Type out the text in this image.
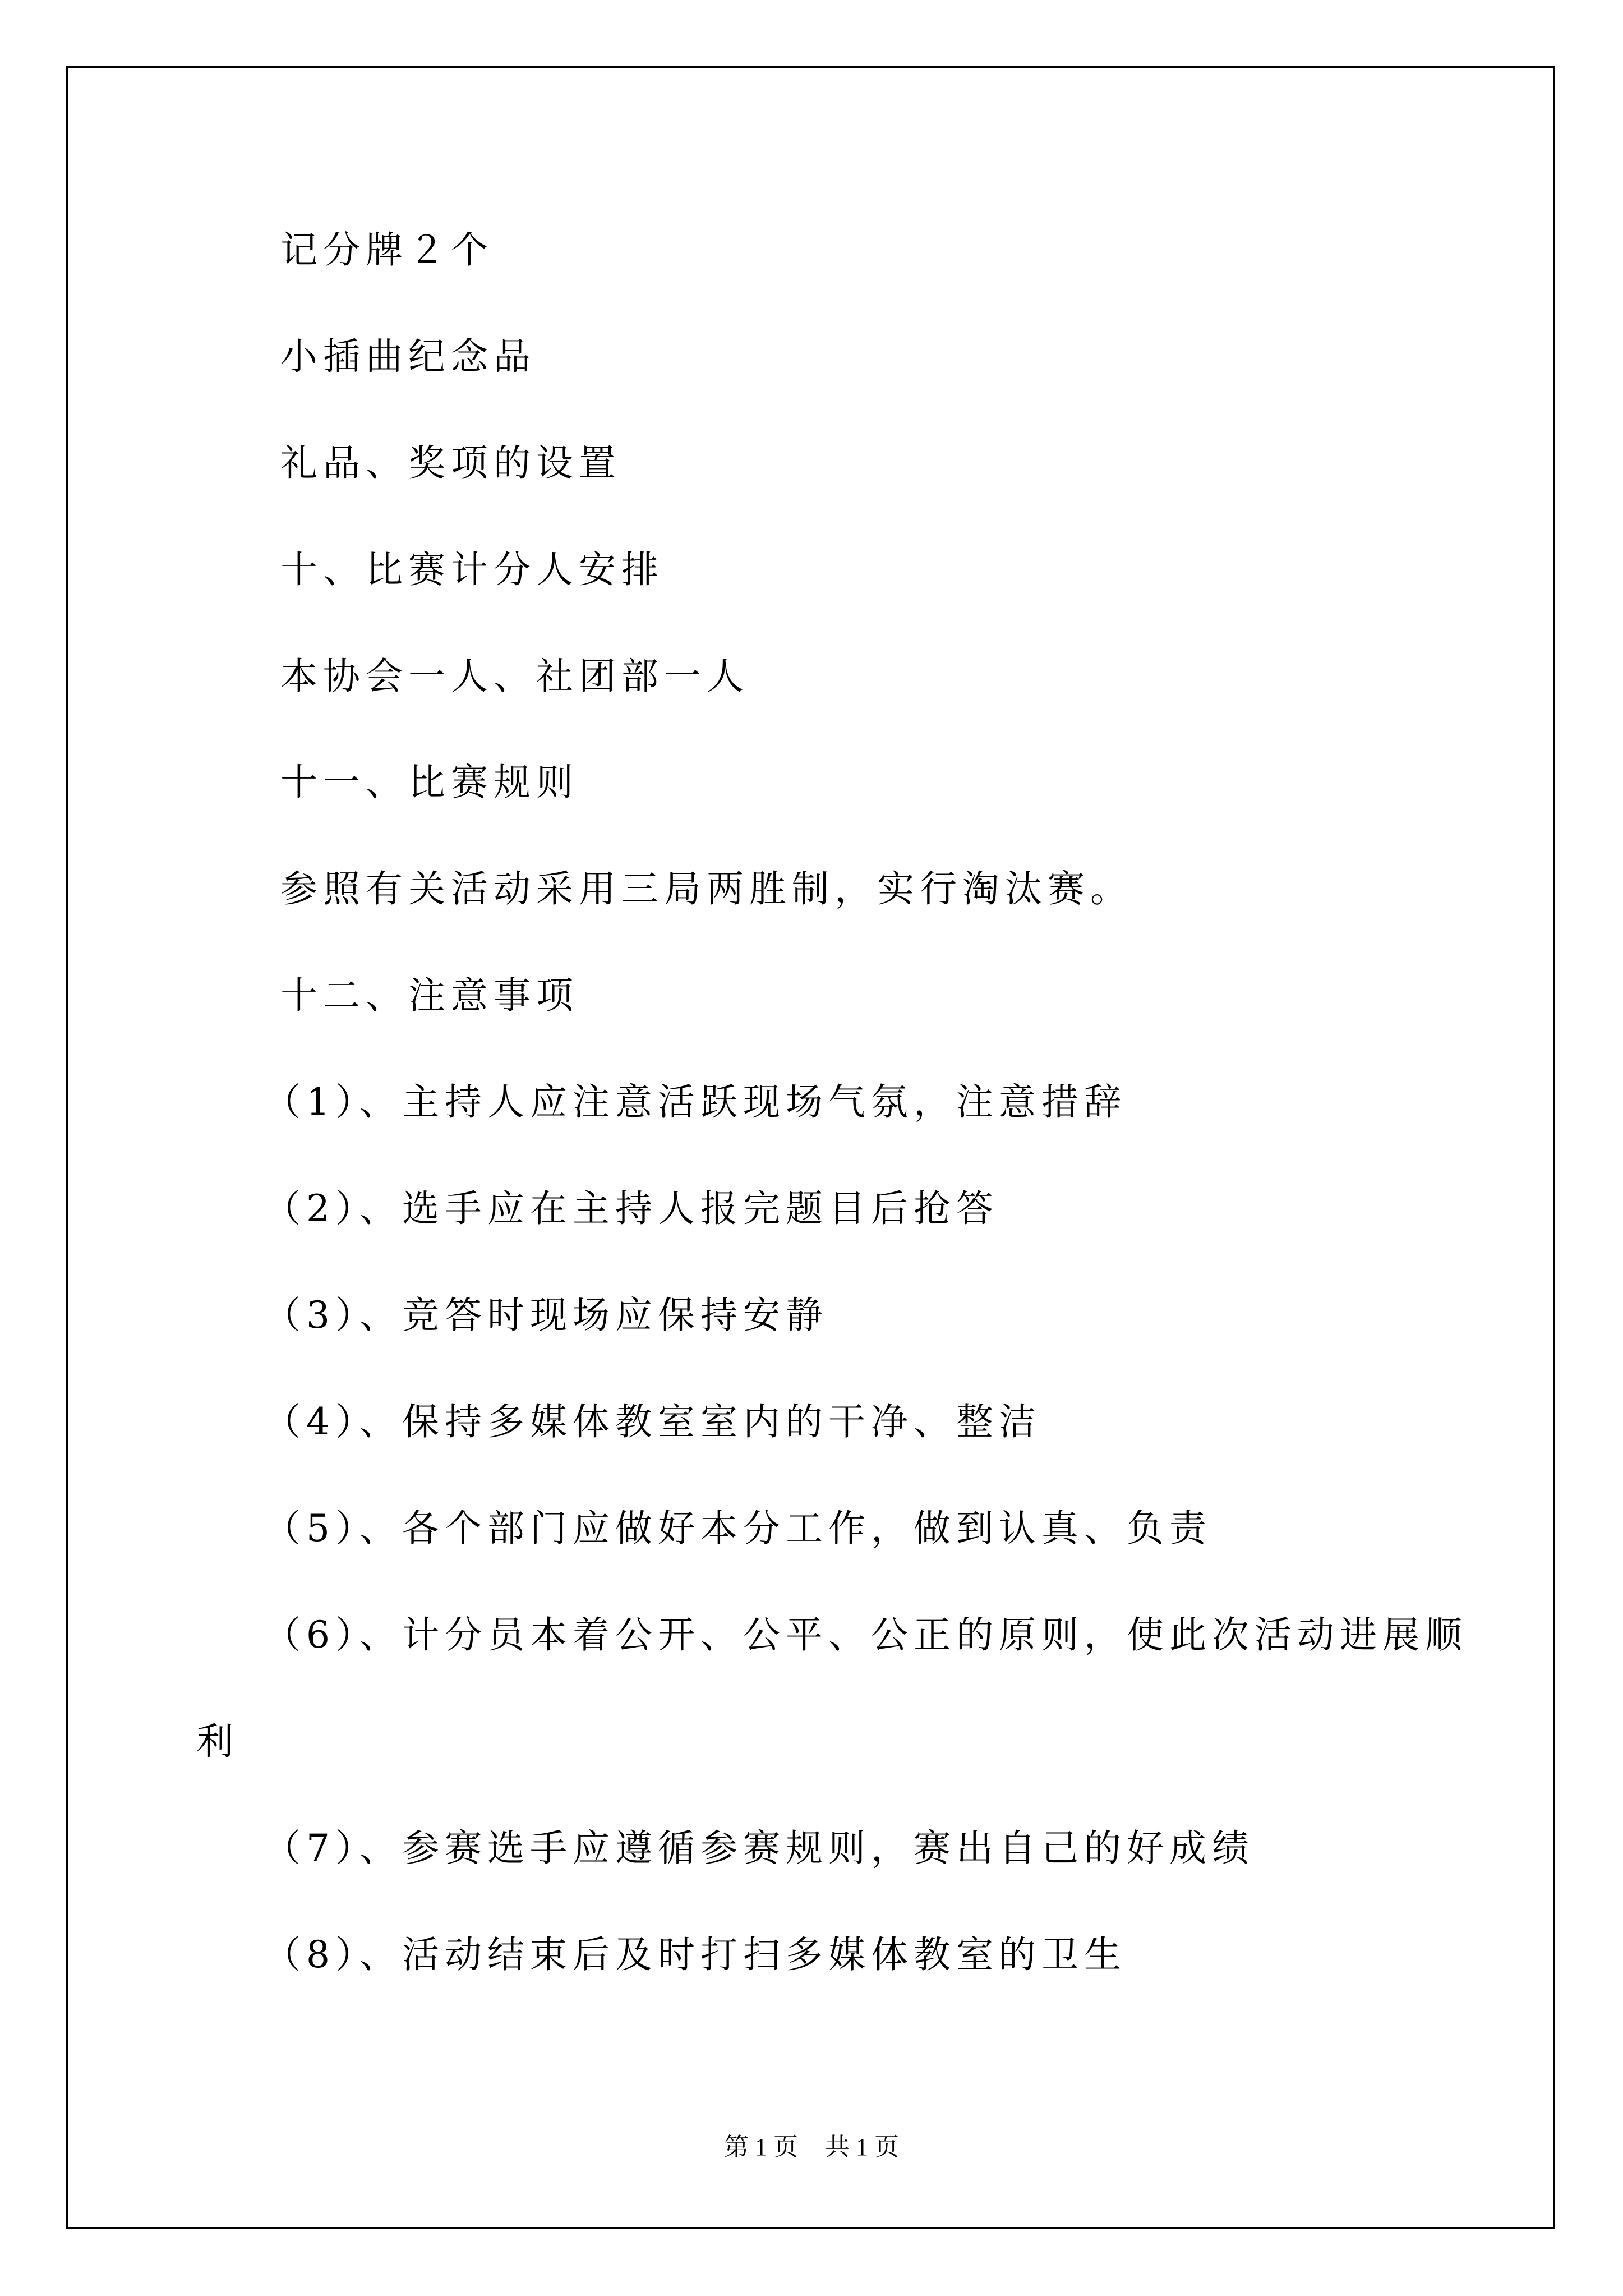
记分牌２个
小插曲纪念品
礼品、奖项的设置
十、比赛计分人安排
本协会一人、社团部一人
十一、比赛规则
参照有关活动采用三局两胜制，实行淘汰赛。
十二、注意事项
（1）、主持人应注意活跃现场气氛，注意措辞
（2）、选手应在主持人报完题目后抢答
（3）、竞答时现场应保持安静
（4）、保持多媒体教室室内的干净、整洁
（5）、各个部门应做好本分工作，做到认真、负责
（6）、计分员本着公开、公平、公正的原则，使此次活动进展顺
利
（7）、参赛选手应遵循参赛规则，赛出自己的好成绩
（8）、活动结束后及时打扫多媒体教室的卫生
第 1 页 共 1 页
